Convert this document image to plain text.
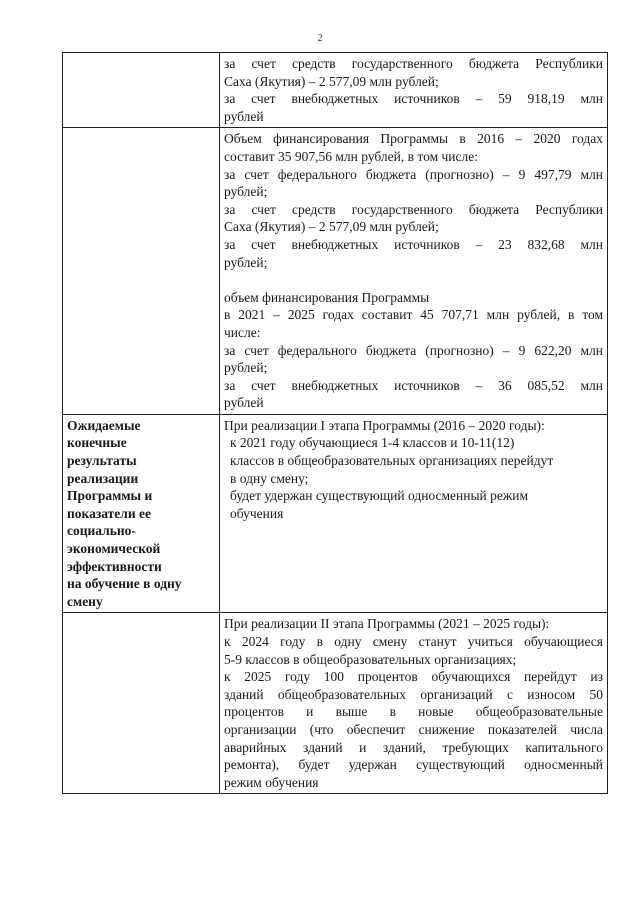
2
за счет средств государственного бюджета Республики
Саха (Якутия) – 2 577,09 млн рублей;
за счет внебюджетных источников – 59 918,19 млн
рублей
Объем финансирования Программы в 2016 – 2020 годах
составит 35 907,56 млн рублей, в том числе:
за счет федерального бюджета (прогнозно) – 9 497,79 млн
рублей;
за счет средств государственного бюджета Республики
Саха (Якутия) – 2 577,09 млн рублей;
за счет внебюджетных источников – 23 832,68 млн
рублей;
объем финансирования Программы
в 2021 – 2025 годах составит 45 707,71 млн рублей, в том
числе:
за счет федерального бюджета (прогнозно) – 9 622,20 млн
рублей;
за счет внебюджетных источников – 36 085,52 млн
рублей
Ожидаемые
конечные
результаты
реализации
Программы и
показатели ее
социально-
экономической
эффективности
на обучение в одну
смену
При реализации I этапа Программы (2016 – 2020 годы):
к 2021 году обучающиеся 1-4 классов и 10-11(12)
классов в общеобразовательных организациях перейдут
в одну смену;
будет удержан существующий односменный режим
обучения
При реализации II этапа Программы (2021 – 2025 годы):
к 2024 году в одну смену станут учиться обучающиеся
5-9 классов в общеобразовательных организациях;
к 2025 году 100 процентов обучающихся перейдут из
зданий общеобразовательных организаций с износом 50
процентов и выше в новые общеобразовательные
организации (что обеспечит снижение показателей числа
аварийных зданий и зданий, требующих капитального
ремонта), будет удержан существующий односменный
режим обучения
